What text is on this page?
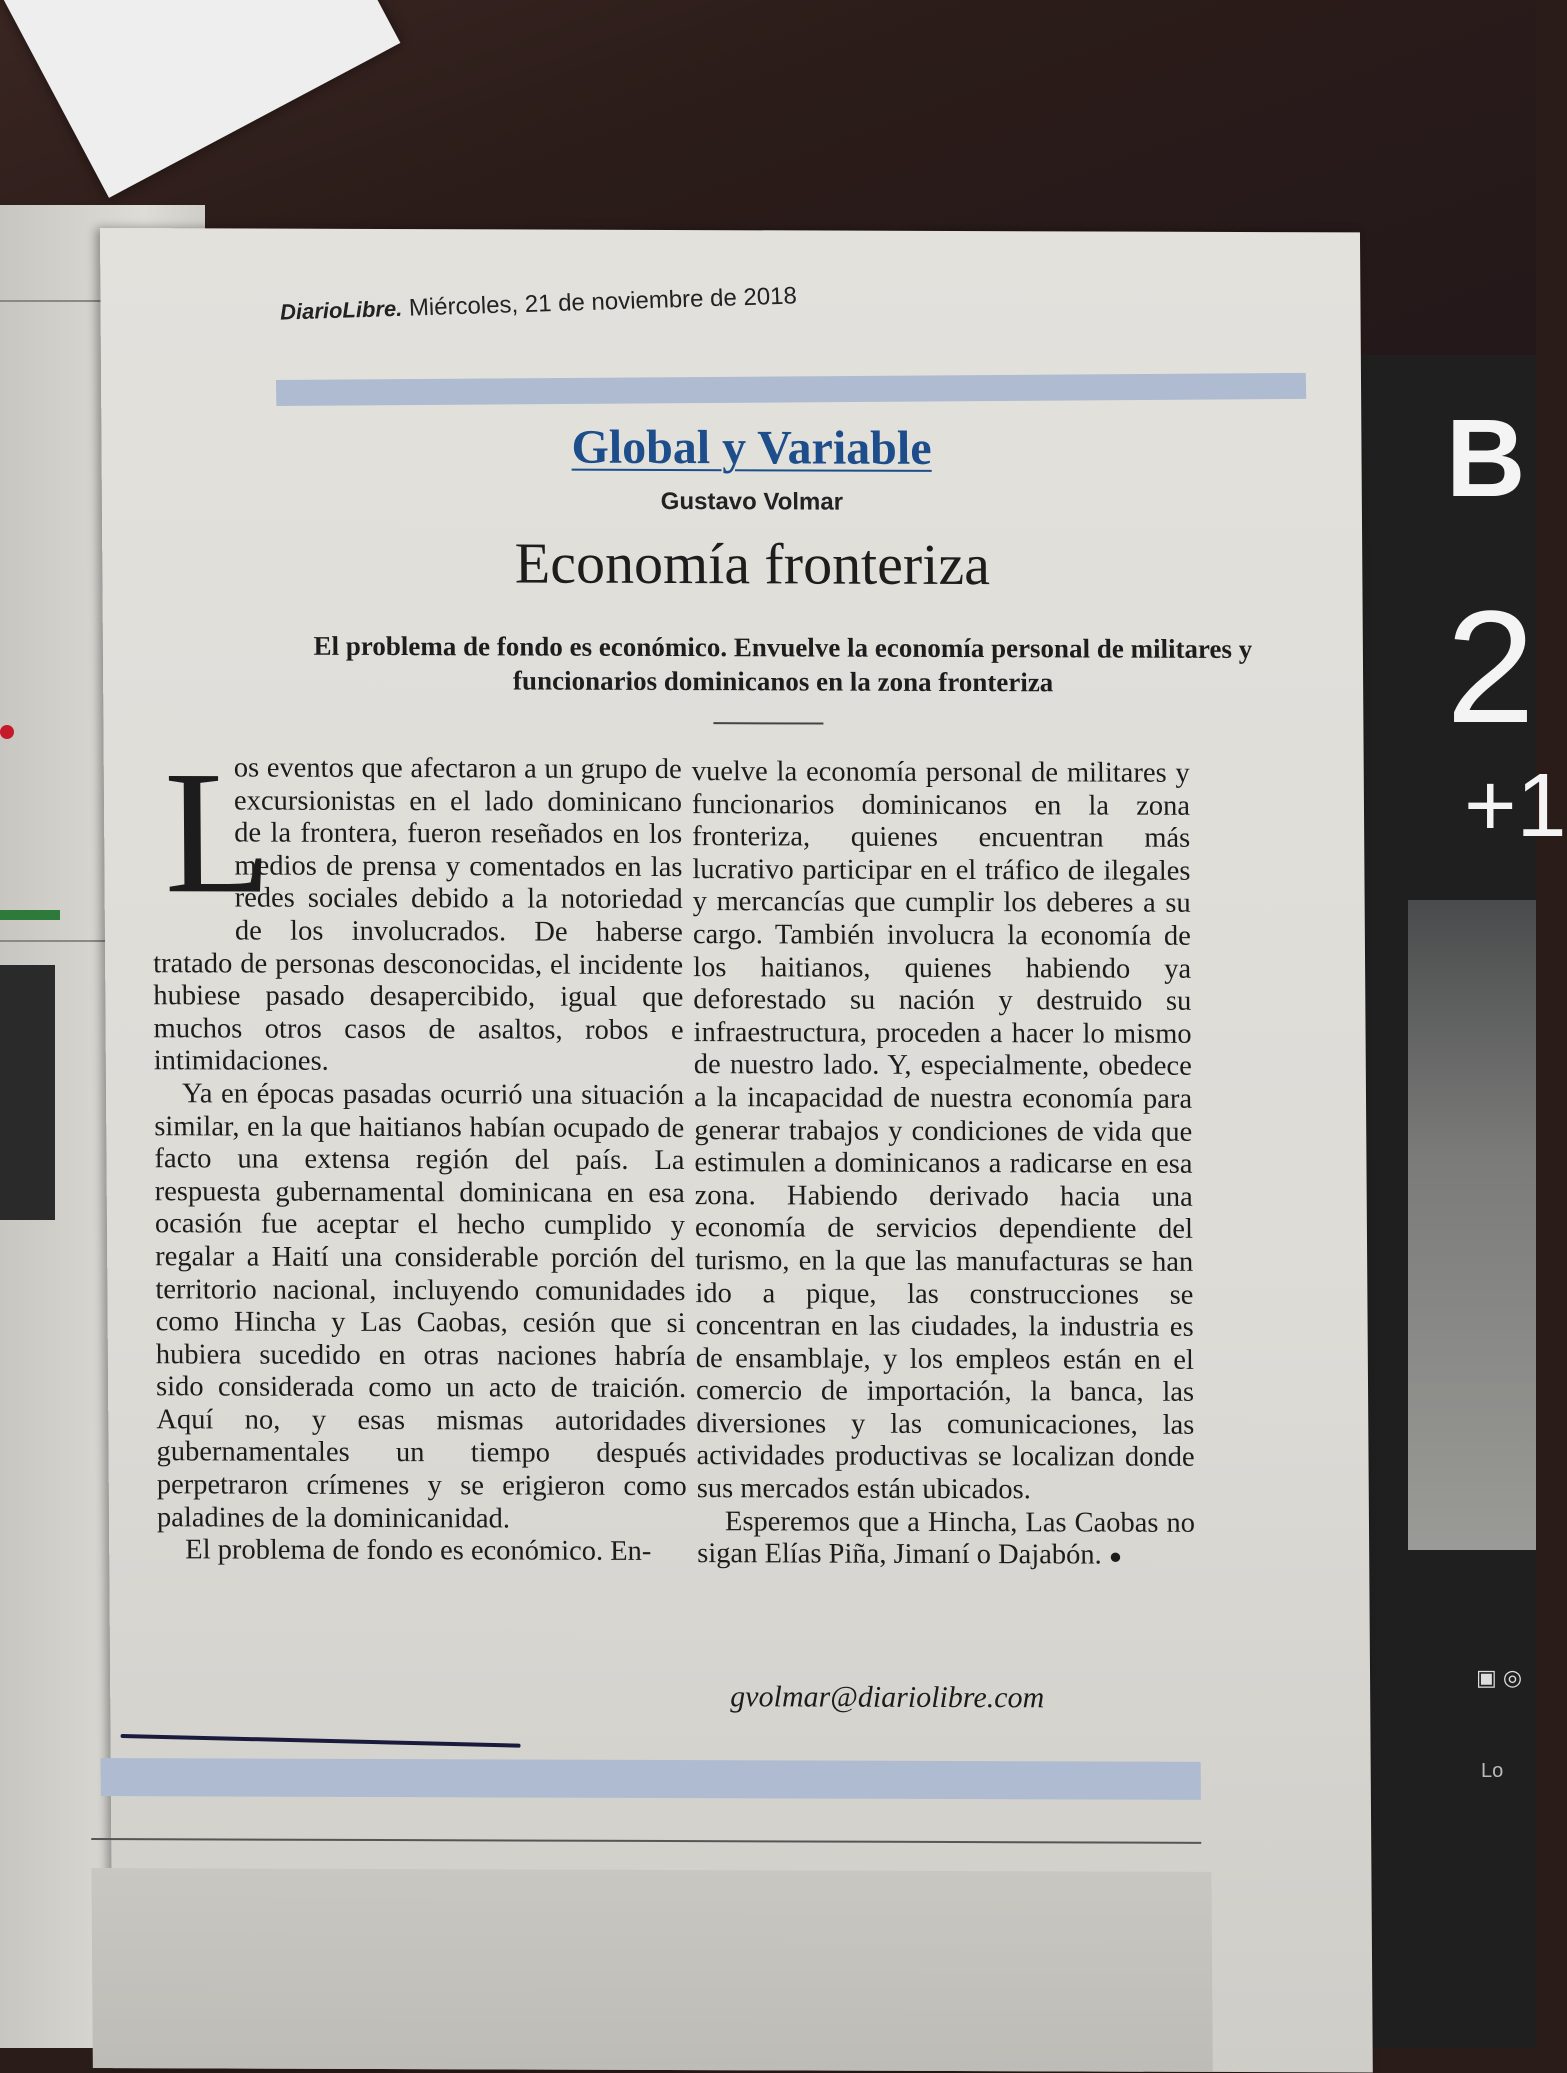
B
2
+1
▣ ◎
Lo
DiarioLibre. Miércoles, 21 de noviembre de 2018
Global y Variable
Gustavo Volmar
Economía fronteriza
El problema de fondo es económico. Envuelve la economía personal de militares y funcionarios dominicanos en la zona fronteriza

L
os eventos que afectaron a un grupo de excursionistas en el lado dominicano de la frontera, fueron reseñados en los medios de prensa y comentados en las redes sociales debido a la notoriedad de los involucrados. De haberse tratado de personas desconocidas, el incidente hubiese pasado desapercibido, igual que muchos otros casos de asaltos, robos e intimidaciones.

Ya en épocas pasadas ocurrió una situación similar, en la que haitianos habían ocupado de facto una extensa región del país. La respuesta gubernamental dominicana en esa ocasión fue aceptar el hecho cumplido y regalar a Haití una considerable porción del territorio nacional, incluyendo comunidades como Hincha y Las Caobas, cesión que si hubiera sucedido en otras naciones habría sido considerada como un acto de traición. Aquí no, y esas mismas autoridades gubernamentales un tiempo después perpetraron crímenes y se erigieron como paladines de la dominicanidad.

El problema de fondo es económico. En-

vuelve la economía personal de militares y funcionarios dominicanos en la zona fronteriza, quienes encuentran más lucrativo participar en el tráfico de ilegales y mercancías que cumplir los deberes a su cargo. También involucra la economía de los haitianos, quienes habiendo ya deforestado su nación y destruido su infraestructura, proceden a hacer lo mismo de nuestro lado. Y, especialmente, obedece a la incapacidad de nuestra economía para generar trabajos y condiciones de vida que estimulen a dominicanos a radicarse en esa zona. Habiendo derivado hacia una economía de servicios dependiente del turismo, en la que las manufacturas se han ido a pique, las construcciones se concentran en las ciudades, la industria es de ensamblaje, y los empleos están en el comercio de importación, la banca, las diversiones y las comunicaciones, las actividades productivas se localizan donde sus mercados están ubicados.

Esperemos que a Hincha, Las Caobas no sigan Elías Piña, Jimaní o Dajabón. ●

gvolmar@diariolibre.com
